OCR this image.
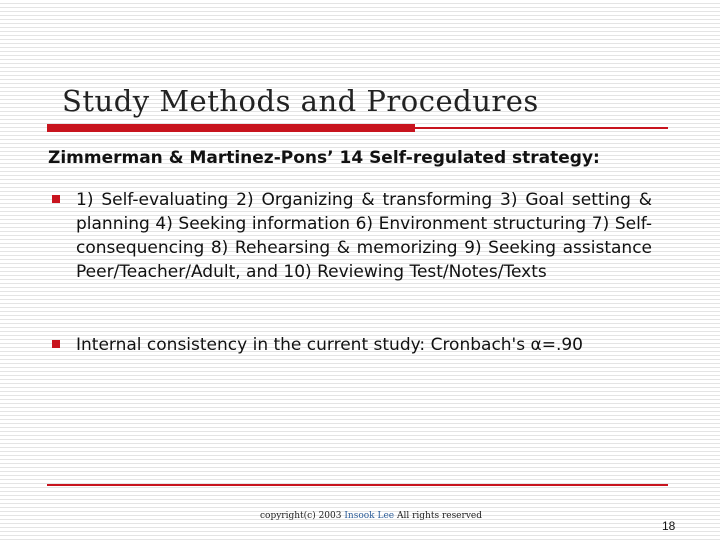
Study Methods and Procedures
Zimmerman & Martinez-Pons’ 14 Self-regulated strategy:
1) Self-evaluating 2) Organizing & transforming 3) Goal setting & planning 4) Seeking information 6) Environment structuring 7) Self-consequencing 8) Rehearsing & memorizing 9) Seeking assistance Peer/Teacher/Adult, and 10) Reviewing Test/Notes/Texts
Internal consistency in the current study: Cronbach's α=.90
copyright(c) 2003 Insook Lee All rights reserved
18
